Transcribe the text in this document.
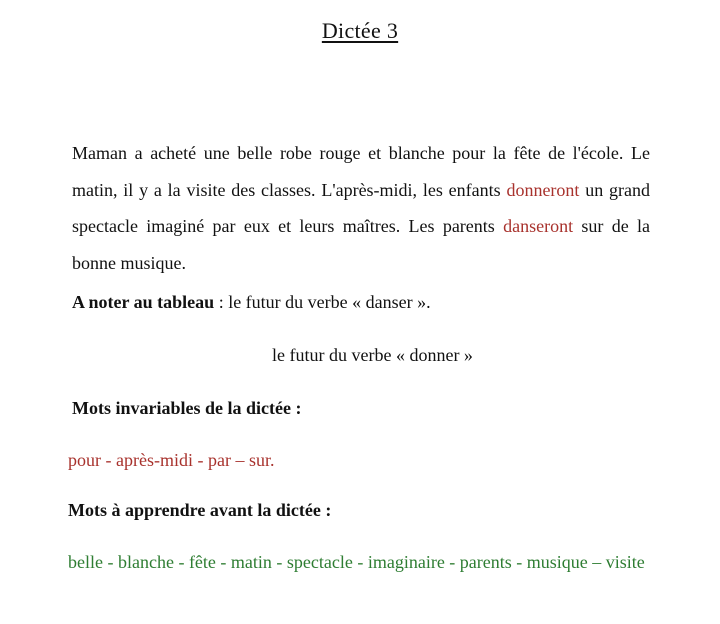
Dictée 3
Maman a acheté une belle robe rouge et blanche pour la fête de l'école. Le matin, il y a la visite des classes. L'après-midi, les enfants donneront un grand spectacle imaginé par eux et leurs maîtres. Les parents danseront sur de la bonne musique.
A noter au tableau : le futur du verbe « danser ».
le futur du verbe « donner »
Mots invariables de la dictée :
pour - après-midi - par – sur.
Mots à apprendre avant la dictée :
belle - blanche - fête - matin - spectacle - imaginaire - parents - musique – visite
